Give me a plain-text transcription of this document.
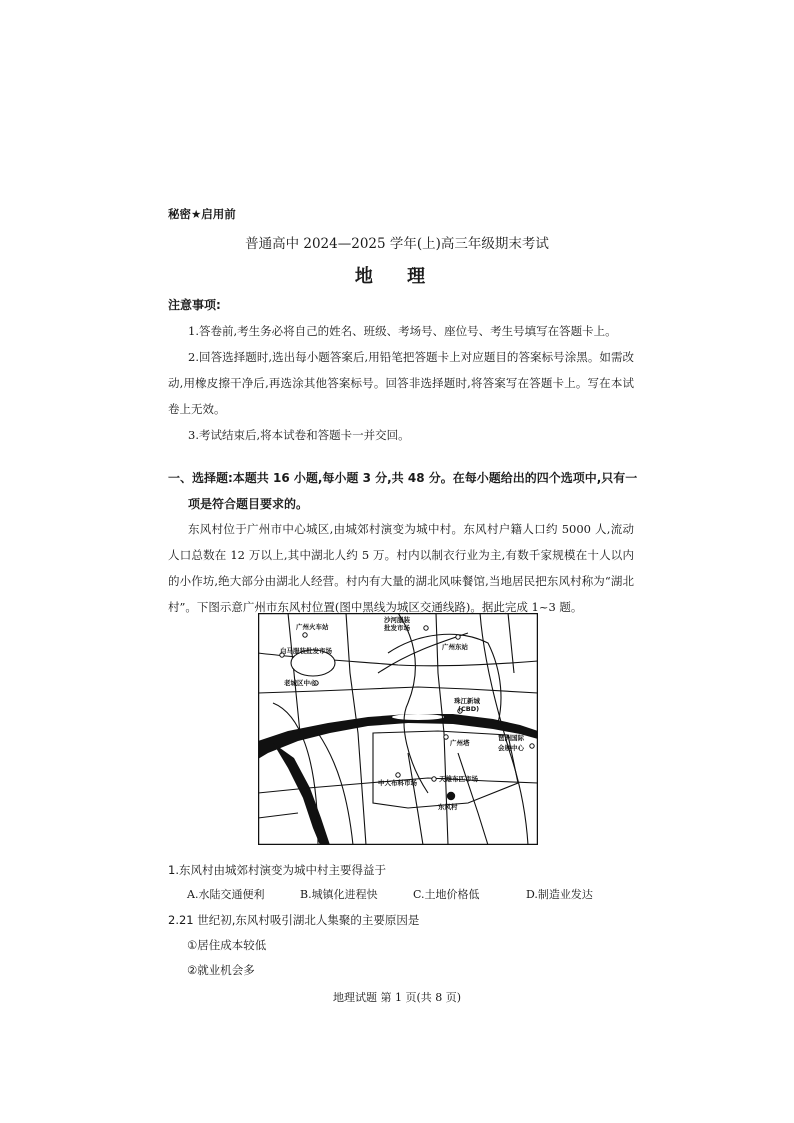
秘密★启用前
普通高中 2024—2025 学年(上)高三年级期末考试
地 理
注意事项:
1.答卷前,考生务必将自己的姓名、班级、考场号、座位号、考生号填写在答题卡上。
2.回答选择题时,选出每小题答案后,用铅笔把答题卡上对应题目的答案标号涂黑。如需改动,用橡皮擦干净后,再选涂其他答案标号。回答非选择题时,将答案写在答题卡上。写在本试卷上无效。
3.考试结束后,将本试卷和答题卡一并交回。
一、选择题:本题共 16 小题,每小题 3 分,共 48 分。在每小题给出的四个选项中,只有一
项是符合题目要求的。
东风村位于广州市中心城区,由城郊村演变为城中村。东风村户籍人口约 5000 人,流动人口总数在 12 万以上,其中湖北人约 5 万。村内以制衣行业为主,有数千家规模在十人以内的小作坊,绝大部分由湖北人经营。村内有大量的湖北风味餐馆,当地居民把东风村称为“湖北村”。下图示意广州市东风村位置(图中黑线为城区交通线路)。据此完成 1~3 题。
广州火车站
沙河服装
批发市场
广州东站
白马服装批发市场
老城区中心
珠江新城
(CBD)
珠江
广州塔
琶洲国际
会展中心
中大布料市场	天雄布匹市场
东风村
1.东风村由城郊村演变为城中村主要得益于
A.水陆交通便利	B.城镇化进程快	C.土地价格低	D.制造业发达
2.21 世纪初,东风村吸引湖北人集聚的主要原因是
①居住成本较低
②就业机会多
地理试题 第 1 页(共 8 页)
